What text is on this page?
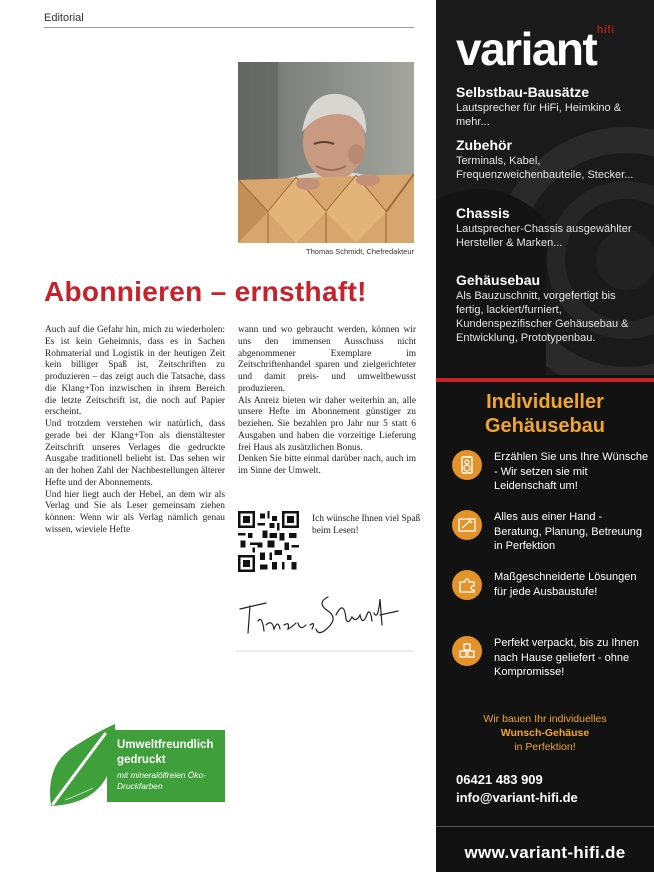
Editorial
Thomas Schmidt, Chefredakteur
Abonnieren – ernsthaft!

Auch auf die Gefahr hin, mich zu wiederholen: Es ist kein Geheimnis, dass es in Sachen Rohmaterial und Logistik in der heutigen Zeit kein billiger Spaß ist, Zeitschriften zu produzieren – das zeigt auch die Tatsache, dass die Klang+Ton inzwischen in ihrem Bereich die letzte Zeitschrift ist, die noch auf Papier erscheint.

Und trotzdem verstehen wir natürlich, dass gerade bei der Klang+Ton als dienstältester Zeitschrift unseres Verlages die gedruckte Ausgabe traditionell beliebt ist. Das sehen wir an der hohen Zahl der Nachbestellungen älterer Hefte und der Abonnements.

Und hier liegt auch der Hebel, an dem wir als Verlag und Sie als Leser gemeinsam ziehen können: Wenn wir als Verlag nämlich genau wissen, wieviele Hefte

wann und wo gebraucht werden, können wir uns den immensen Ausschuss nicht abgenommener Exemplare im Zeitschriftenhandel sparen und zielgerichteter und damit preis- und umweltbewusst produzieren.

Als Anreiz bieten wir daher weiterhin an, alle unsere Hefte im Abonnement günstiger zu beziehen. Sie bezahlen pro Jahr nur 5 statt 6 Ausgaben und haben die vorzeitige Lieferung frei Haus als zusätzlichen Bonus.

Denken Sie bitte einmal darüber nach, auch im im Sinne der Umwelt.

Ich wünsche Ihnen viel Spaß beim Lesen!
Umweltfreundlich gedruckt
mit mineralölfreien Öko-Druckfarben
variant hifi
Selbstbau-Bausätze
Lautsprecher für HiFi, Heimkino & mehr...
Zubehör
Terminals, Kabel, Frequenzweichenbauteile, Stecker...
Chassis
Lautsprecher-Chassis ausgewählter Hersteller & Marken...
Gehäusebau
Als Bauzuschnitt, vorgefertigt bis fertig, lackiert/furniert, Kundenspezifischer Gehäusebau & Entwicklung, Prototypenbau.
Individueller Gehäusebau
Erzählen Sie uns Ihre Wünsche - Wir setzen sie mit Leidenschaft um!
Alles aus einer Hand - Beratung, Planung, Betreuung in Perfektion
Maßgeschneiderte Lösungen für jede Ausbaustufe!
Perfekt verpackt, bis zu Ihnen nach Hause geliefert - ohne Kompromisse!
Wir bauen Ihr individuelles
Wunsch-Gehäuse
in Perfektion!
06421 483 909
info@variant-hifi.de
www.variant-hifi.de
